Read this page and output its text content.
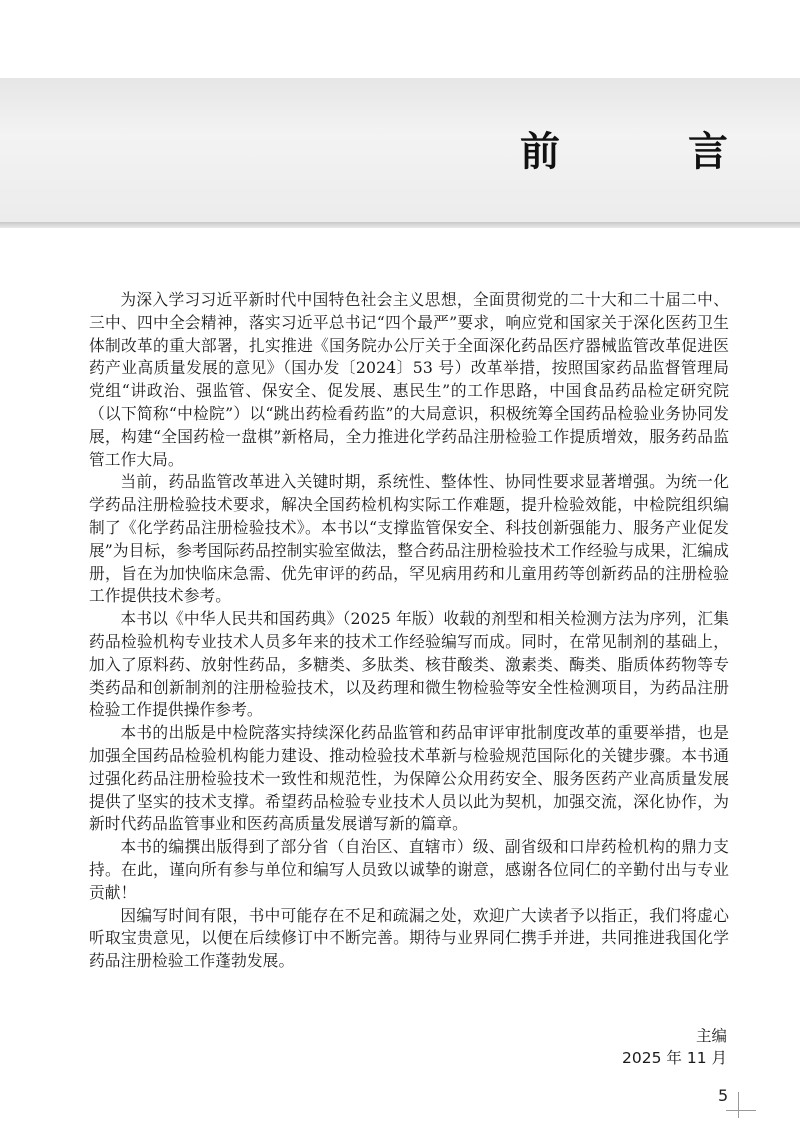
前　言

为深入学习习近平新时代中国特色社会主义思想，全面贯彻党的二十大和二十届二中、三中、四中全会精神，落实习近平总书记“四个最严”要求，响应党和国家关于深化医药卫生体制改革的重大部署，扎实推进《国务院办公厅关于全面深化药品医疗器械监管改革促进医药产业高质量发展的意见》（国办发〔2024〕53 号）改革举措，按照国家药品监督管理局党组“讲政治、强监管、保安全、促发展、惠民生”的工作思路，中国食品药品检定研究院（以下简称“中检院”）以“跳出药检看药监”的大局意识，积极统筹全国药品检验业务协同发展，构建“全国药检一盘棋”新格局，全力推进化学药品注册检验工作提质增效，服务药品监管工作大局。

当前，药品监管改革进入关键时期，系统性、整体性、协同性要求显著增强。为统一化学药品注册检验技术要求，解决全国药检机构实际工作难题，提升检验效能，中检院组织编制了《化学药品注册检验技术》。本书以“支撑监管保安全、科技创新强能力、服务产业促发展”为目标，参考国际药品控制实验室做法，整合药品注册检验技术工作经验与成果，汇编成册，旨在为加快临床急需、优先审评的药品，罕见病用药和儿童用药等创新药品的注册检验工作提供技术参考。

本书以《中华人民共和国药典》（2025 年版）收载的剂型和相关检测方法为序列，汇集药品检验机构专业技术人员多年来的技术工作经验编写而成。同时，在常见制剂的基础上，加入了原料药、放射性药品，多糖类、多肽类、核苷酸类、激素类、酶类、脂质体药物等专类药品和创新制剂的注册检验技术，以及药理和微生物检验等安全性检测项目，为药品注册检验工作提供操作参考。

本书的出版是中检院落实持续深化药品监管和药品审评审批制度改革的重要举措，也是加强全国药品检验机构能力建设、推动检验技术革新与检验规范国际化的关键步骤。本书通过强化药品注册检验技术一致性和规范性，为保障公众用药安全、服务医药产业高质量发展提供了坚实的技术支撑。希望药品检验专业技术人员以此为契机，加强交流，深化协作，为新时代药品监管事业和医药高质量发展谱写新的篇章。

本书的编撰出版得到了部分省（自治区、直辖市）级、副省级和口岸药检机构的鼎力支持。在此，谨向所有参与单位和编写人员致以诚挚的谢意，感谢各位同仁的辛勤付出与专业贡献！

因编写时间有限，书中可能存在不足和疏漏之处，欢迎广大读者予以指正，我们将虚心听取宝贵意见，以便在后续修订中不断完善。期待与业界同仁携手并进，共同推进我国化学药品注册检验工作蓬勃发展。

主编
2025 年 11 月
5
